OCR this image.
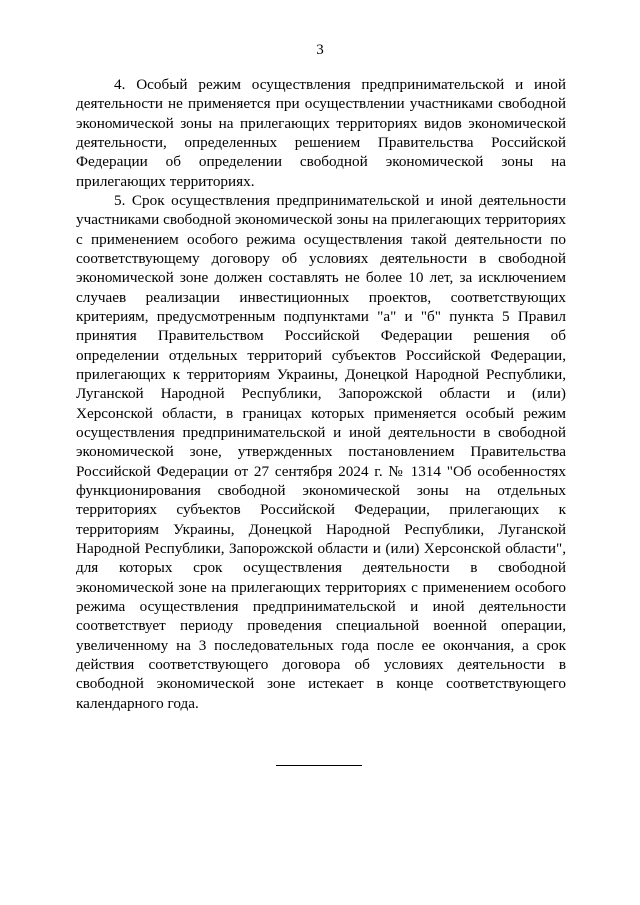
3

4. Особый режим осуществления предпринимательской и иной деятельности не применяется при осуществлении участниками свободной экономической зоны на прилегающих территориях видов экономической деятельности, определенных решением Правительства Российской Федерации об определении свободной экономической зоны на прилегающих территориях.

5. Срок осуществления предпринимательской и иной деятельности участниками свободной экономической зоны на прилегающих территориях с применением особого режима осуществления такой деятельности по соответствующему договору об условиях деятельности в свободной экономической зоне должен составлять не более 10 лет, за исключением случаев реализации инвестиционных проектов, соответствующих критериям, предусмотренным подпунктами "а" и "б" пункта 5 Правил принятия Правительством Российской Федерации решения об определении отдельных территорий субъектов Российской Федерации, прилегающих к территориям Украины, Донецкой Народной Республики, Луганской Народной Республики, Запорожской области и (или) Херсонской области, в границах которых применяется особый режим осуществления предпринимательской и иной деятельности в свободной экономической зоне, утвержденных постановлением Правительства Российской Федерации от 27 сентября 2024 г. № 1314 "Об особенностях функционирования свободной экономической зоны на отдельных территориях субъектов Российской Федерации, прилегающих к территориям Украины, Донецкой Народной Республики, Луганской Народной Республики, Запорожской области и (или) Херсонской области", для которых срок осуществления деятельности в свободной экономической зоне на прилегающих территориях с применением особого режима осуществления предпринимательской и иной деятельности соответствует периоду проведения специальной военной операции, увеличенному на 3 последовательных года после ее окончания, а срок действия соответствующего договора об условиях деятельности в свободной экономической зоне истекает в конце соответствующего календарного года.
